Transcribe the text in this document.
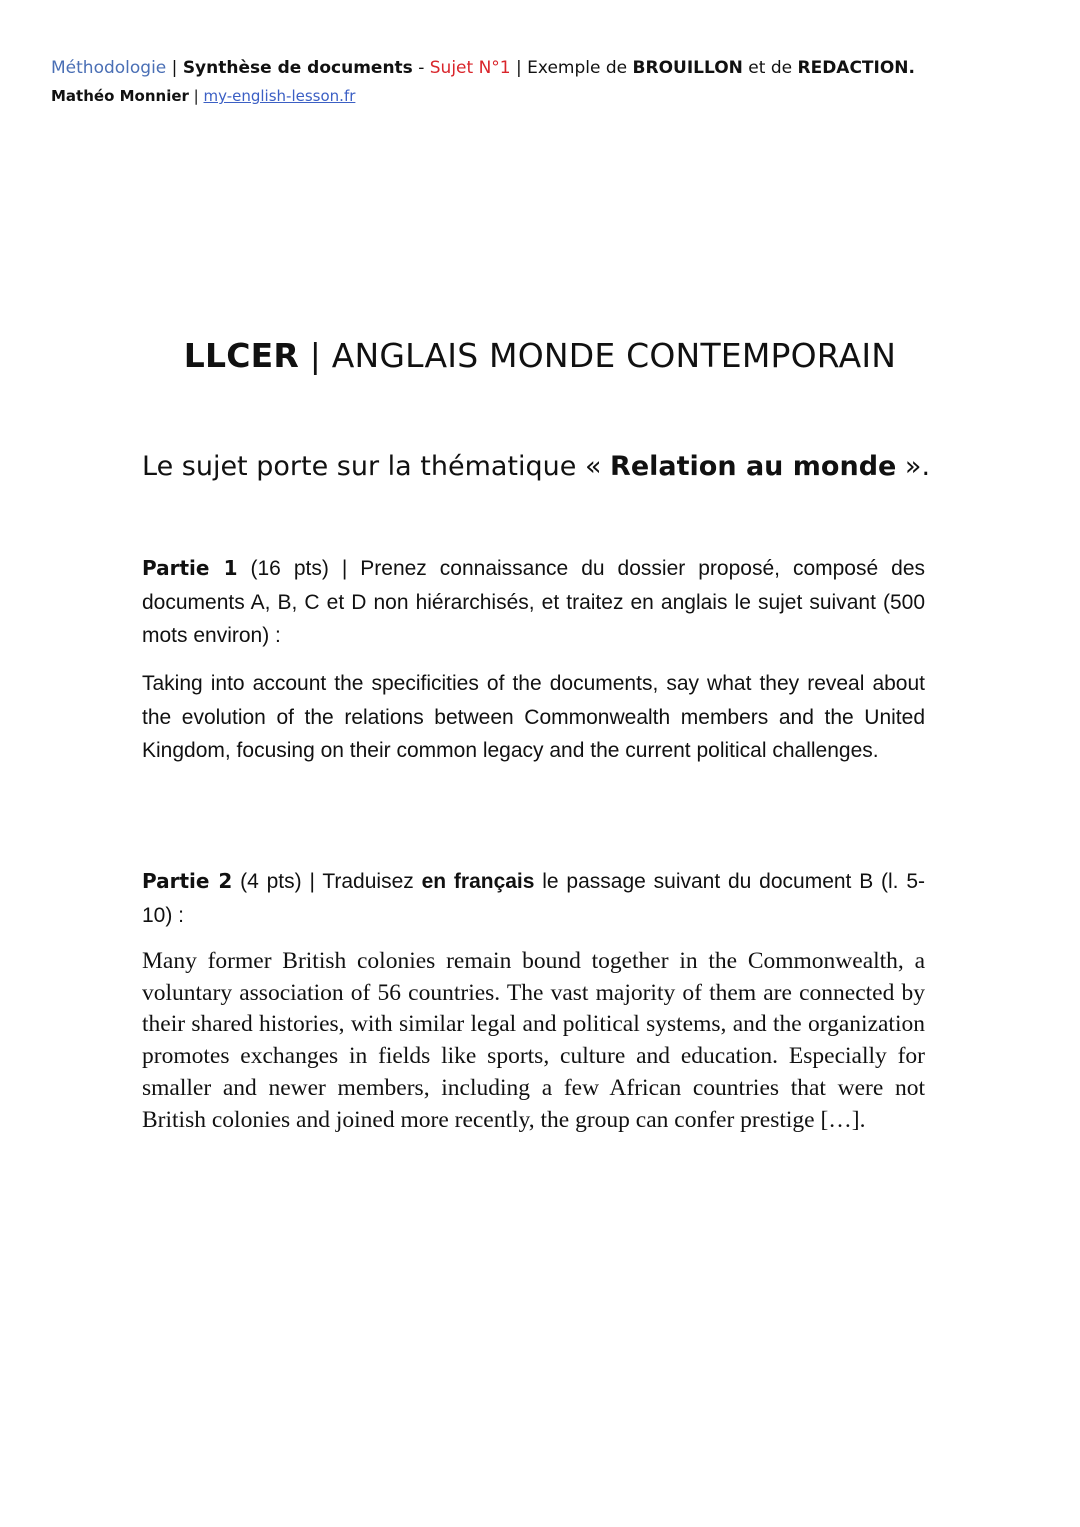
Méthodologie | Synthèse de documents - Sujet N°1 | Exemple de BROUILLON et de REDACTION.
Mathéo Monnier | my-english-lesson.fr
LLCER | ANGLAIS MONDE CONTEMPORAIN
Le sujet porte sur la thématique « Relation au monde ».
Partie 1 (16 pts) | Prenez connaissance du dossier proposé, composé des documents A, B, C et D non hiérarchisés, et traitez en anglais le sujet suivant (500 mots environ) :
Taking into account the specificities of the documents, say what they reveal about the evolution of the relations between Commonwealth members and the United Kingdom, focusing on their common legacy and the current political challenges.
Partie 2 (4 pts) | Traduisez en français le passage suivant du document B (l. 5-10) :
Many former British colonies remain bound together in the Commonwealth, a voluntary association of 56 countries. The vast majority of them are connected by their shared histories, with similar legal and political systems, and the organization promotes exchanges in fields like sports, culture and education. Especially for smaller and newer members, including a few African countries that were not British colonies and joined more recently, the group can confer prestige […].
